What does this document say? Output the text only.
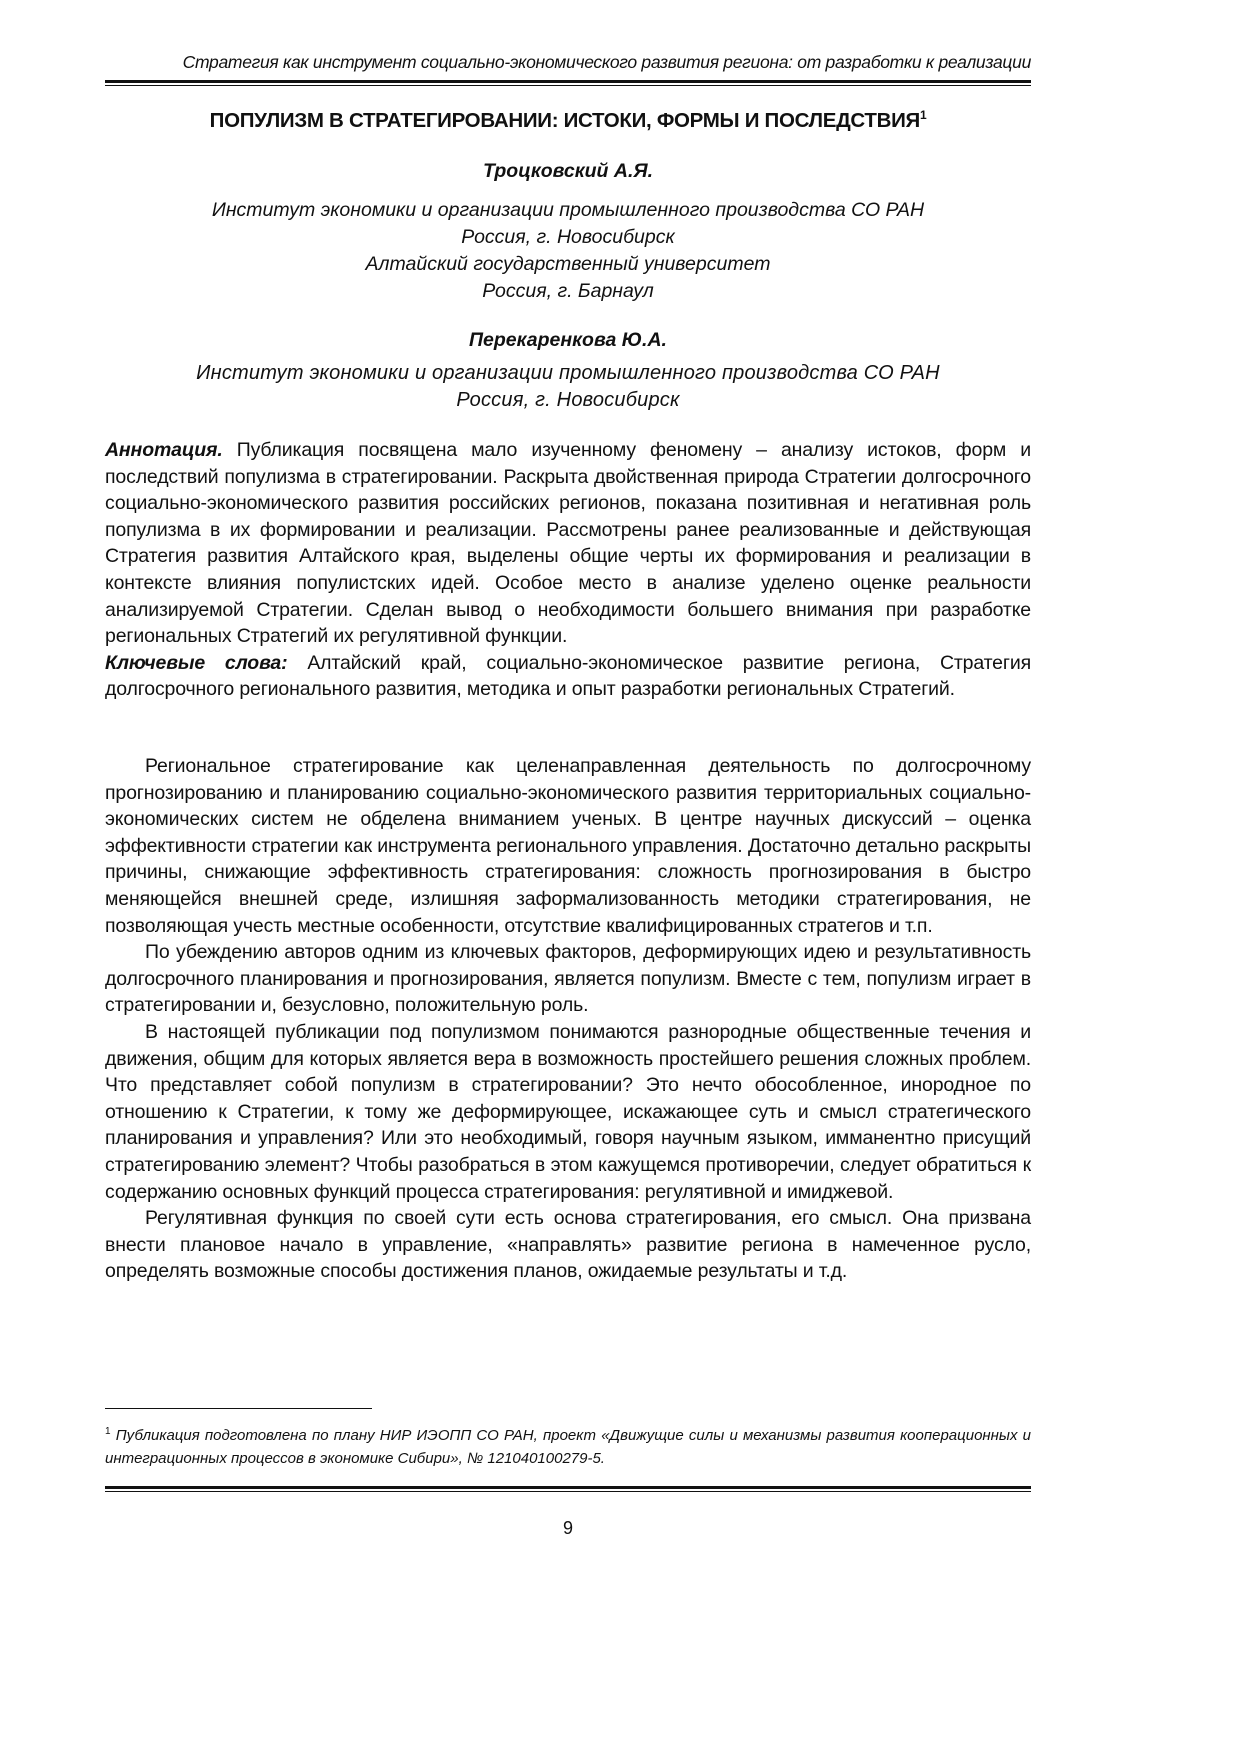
Стратегия как инструмент социально-экономического развития региона: от разработки к реализации
ПОПУЛИЗМ В СТРАТЕГИРОВАНИИ: ИСТОКИ, ФОРМЫ И ПОСЛЕДСТВИЯ$^1$
Троцковский А.Я.
Институт экономики и организации промышленного производства СО РАН
Россия, г. Новосибирск
Алтайский государственный университет
Россия, г. Барнаул
Перекаренкова Ю.А.
Институт экономики и организации промышленного производства СО РАН
Россия, г. Новосибирск

Аннотация. Публикация посвящена мало изученному феномену – анализу истоков, форм и последствий популизма в стратегировании. Раскрыта двойственная природа Стратегии долгосрочного социально-экономического развития российских регионов, показана позитивная и негативная роль популизма в их формировании и реализации. Рассмотрены ранее реализованные и действующая Стратегия развития Алтайского края, выделены общие черты их формирования и реализации в контексте влияния популистских идей. Особое место в анализе уделено оценке реальности анализируемой Стратегии. Сделан вывод о необходимости большего внимания при разработке региональных Стратегий их регулятивной функции.

Ключевые слова: Алтайский край, социально-экономическое развитие региона, Стратегия долгосрочного регионального развития, методика и опыт разработки региональных Стратегий.

Региональное стратегирование как целенаправленная деятельность по долгосрочному прогнозированию и планированию социально-экономического развития территориальных социально-экономических систем не обделена вниманием ученых. В центре научных дискуссий – оценка эффективности стратегии как инструмента регионального управления. Достаточно детально раскрыты причины, снижающие эффективность стратегирования: сложность прогнозирования в быстро меняющейся внешней среде, излишняя заформализованность методики стратегирования, не позволяющая учесть местные особенности, отсутствие квалифицированных стратегов и т.п.

По убеждению авторов одним из ключевых факторов, деформирующих идею и результативность долгосрочного планирования и прогнозирования, является популизм. Вместе с тем, популизм играет в стратегировании и, безусловно, положительную роль.

В настоящей публикации под популизмом понимаются разнородные общественные течения и движения, общим для которых является вера в возможность простейшего решения сложных проблем. Что представляет собой популизм в стратегировании? Это нечто обособленное, инородное по отношению к Стратегии, к тому же деформирующее, искажающее суть и смысл стратегического планирования и управления? Или это необходимый, говоря научным языком, имманентно присущий стратегированию элемент? Чтобы разобраться в этом кажущемся противоречии, следует обратиться к содержанию основных функций процесса стратегирования: регулятивной и имиджевой.

Регулятивная функция по своей сути есть основа стратегирования, его смысл. Она призвана внести плановое начало в управление, «направлять» развитие региона в намеченное русло, определять возможные способы достижения планов, ожидаемые результаты и т.д.

$^1$ Публикация подготовлена по плану НИР ИЭОПП СО РАН, проект «Движущие силы и механизмы развития кооперационных и интеграционных процессов в экономике Сибири», № 121040100279-5.
9
